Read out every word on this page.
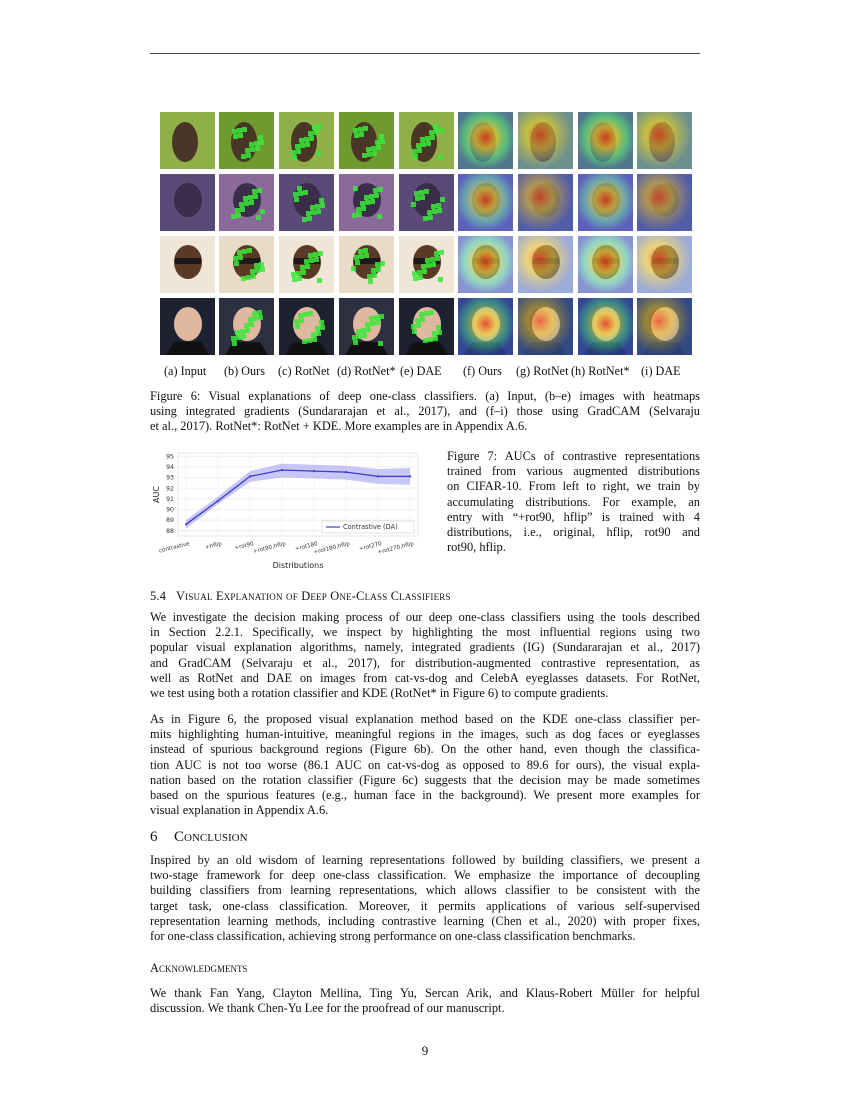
(a) Input (b) Ours (c) RotNet (d) RotNet* (e) DAE (f) Ours (g) RotNet (h) RotNet* (i) DAE
Figure 6: Visual explanations of deep one-class classifiers. (a) Input, (b–e) images with heatmaps
using integrated gradients (Sundararajan et al., 2017), and (f–i) those using GradCAM (Selvaraju
et al., 2017). RotNet*: RotNet + KDE. More examples are in Appendix A.6.
88
89
90
91
92
93
94
95
contrastive	+hflip +rot90
+rot90,hflip +rot180
+rot180,hflip +rot270
+rot270,hflip
Contrastive (DA)
AUC
Distributions
Figure 7: AUCs of contrastive representations
trained from various augmented distributions
on CIFAR-10. From left to right, we train by
accumulating distributions. For example, an
entry with “+rot90, hflip” is trained with 4
distributions, i.e., original, hflip, rot90 and
rot90, hflip.
5.4 Visual Explanation of Deep One-Class Classifiers
We investigate the decision making process of our deep one-class classifiers using the tools described
in Section 2.2.1. Specifically, we inspect by highlighting the most influential regions using two
popular visual explanation algorithms, namely, integrated gradients (IG) (Sundararajan et al., 2017)
and GradCAM (Selvaraju et al., 2017), for distribution-augmented contrastive representation, as
well as RotNet and DAE on images from cat-vs-dog and CelebA eyeglasses datasets. For RotNet,
we test using both a rotation classifier and KDE (RotNet* in Figure 6) to compute gradients.
As in Figure 6, the proposed visual explanation method based on the KDE one-class classifier per-
mits highlighting human-intuitive, meaningful regions in the images, such as dog faces or eyeglasses
instead of spurious background regions (Figure 6b). On the other hand, even though the classifica-
tion AUC is not too worse (86.1 AUC on cat-vs-dog as opposed to 89.6 for ours), the visual expla-
nation based on the rotation classifier (Figure 6c) suggests that the decision may be made sometimes
based on the spurious features (e.g., human face in the background). We present more examples for
visual explanation in Appendix A.6.
6 Conclusion
Inspired by an old wisdom of learning representations followed by building classifiers, we present a
two-stage framework for deep one-class classification. We emphasize the importance of decoupling
building classifiers from learning representations, which allows classifier to be consistent with the
target task, one-class classification. Moreover, it permits applications of various self-supervised
representation learning methods, including contrastive learning (Chen et al., 2020) with proper fixes,
for one-class classification, achieving strong performance on one-class classification benchmarks.
Acknowledgments
We thank Fan Yang, Clayton Mellina, Ting Yu, Sercan Arik, and Klaus-Robert Müller for helpful
discussion. We thank Chen-Yu Lee for the proofread of our manuscript.
9
